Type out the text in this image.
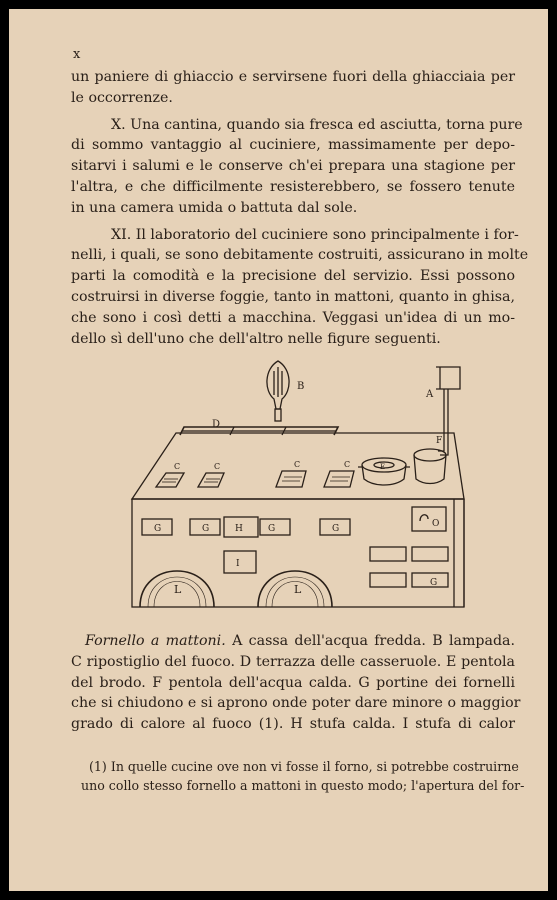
x
un paniere di ghiaccio e servirsene fuori della ghiacciaia per
le occorrenze.
X. Una cantina, quando sia fresca ed asciutta, torna pure
di sommo vantaggio al cuciniere, massimamente per depo-
sitarvi i salumi e le conserve ch'ei prepara una stagione per
l'altra, e che difficilmente resisterebbero, se fossero tenute
in una camera umida o battuta dal sole.
XI. Il laboratorio del cuciniere sono principalmente i for-
nelli, i quali, se sono debitamente costruiti, assicurano in molte
parti la comodità e la precisione del servizio. Essi possono
costruirsi in diverse foggie, tanto in mattoni, quanto in ghisa,
che sono i così detti a macchina. Veggasi un'idea di un mo-
dello sì dell'uno che dell'altro nelle figure seguenti.
B
A
D
C	C	C	C	E
F
G	G	G	G
G
H
I
O
L	L
Fornello a mattoni. A cassa dell'acqua fredda. B lampada.
C ripostiglio del fuoco. D terrazza delle casseruole. E pentola
del brodo. F pentola dell'acqua calda. G portine dei fornelli
che si chiudono e si aprono onde poter dare minore o maggior
grado di calore al fuoco (1). H stufa calda. I stufa di calor
(1) In quelle cucine ove non vi fosse il forno, si potrebbe costruirne
uno collo stesso fornello a mattoni in questo modo; l'apertura del for-
